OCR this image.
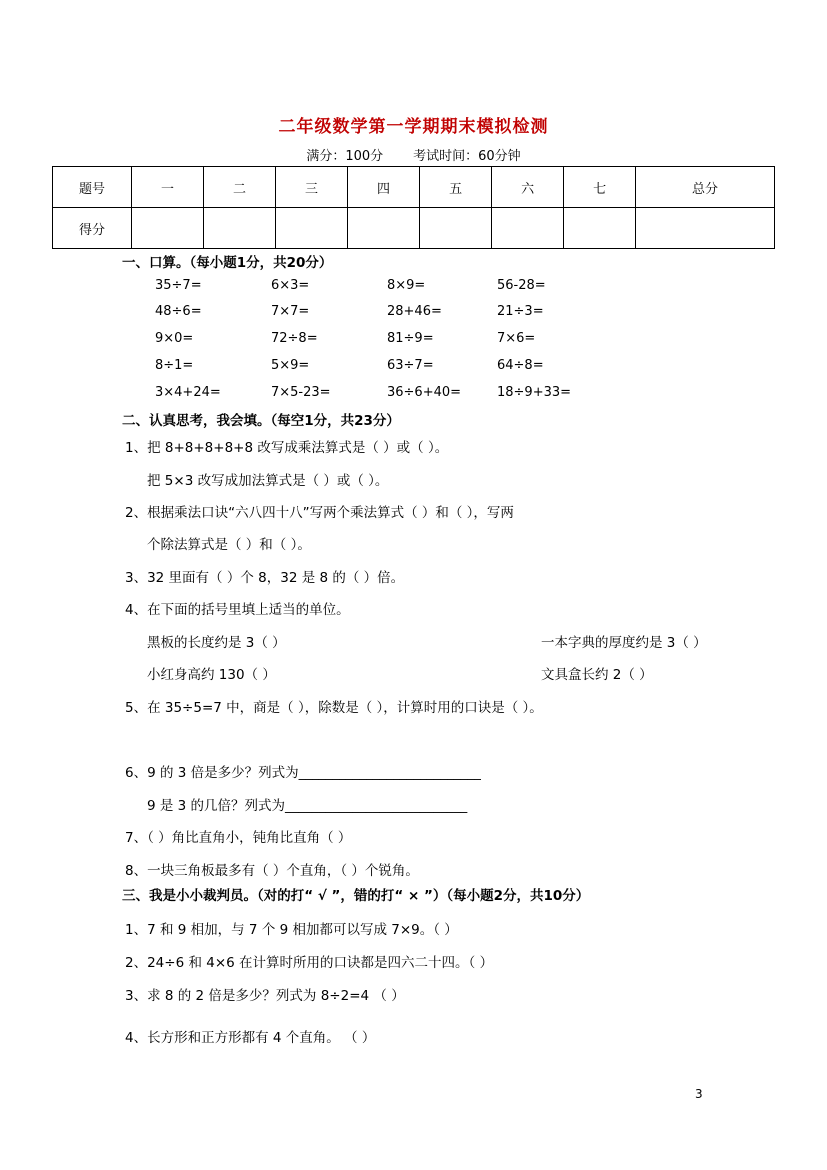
二年级数学第一学期期末模拟检测
满分：100分 考试时间：60分钟
题号	一	二	三	四	五	六	七	总分
得分								
一、口算。（每小题1分，共20分）
35÷7=	6×3=	8×9=	56-28=
48÷6=	7×7=	28+46=	21÷3=
9×0=	72÷8=	81÷9=	7×6=
8÷1=	5×9=	63÷7=	64÷8=
3×4+24=	7×5-23=	36÷6+40=	18÷9+33=
二、认真思考，我会填。（每空1分，共23分）
1、把 8+8+8+8+8 改写成乘法算式是（ ）或（ ）。
把 5×3 改写成加法算式是（ ）或（ ）。
2、根据乘法口诀“六八四十八”写两个乘法算式（ ）和（ ），写两
个除法算式是（ ）和（ ）。
3、32 里面有（ ）个 8，32 是 8 的（ ）倍。
4、在下面的括号里填上适当的单位。
黑板的长度约是 3（ ）	一本字典的厚度约是 3（ ）
小红身高约 130（ ）	文具盒长约 2（ ）
5、在 35÷5=7 中，商是（ ），除数是（ ），计算时用的口诀是（ ）。
6、9 的 3 倍是多少？列式为___________________________
9 是 3 的几倍？列式为___________________________
7、（ ）角比直角小，钝角比直角（ ）
8、一块三角板最多有（ ）个直角，（ ）个锐角。
三、我是小小裁判员。（对的打“ √ ”，错的打“ × ”）（每小题2分，共10分）
1、7 和 9 相加，与 7 个 9 相加都可以写成 7×9。（ ）
2、24÷6 和 4×6 在计算时所用的口诀都是四六二十四。（ ）
3、求 8 的 2 倍是多少？列式为 8÷2=4 （ ）
4、长方形和正方形都有 4 个直角。 （ ）
3
